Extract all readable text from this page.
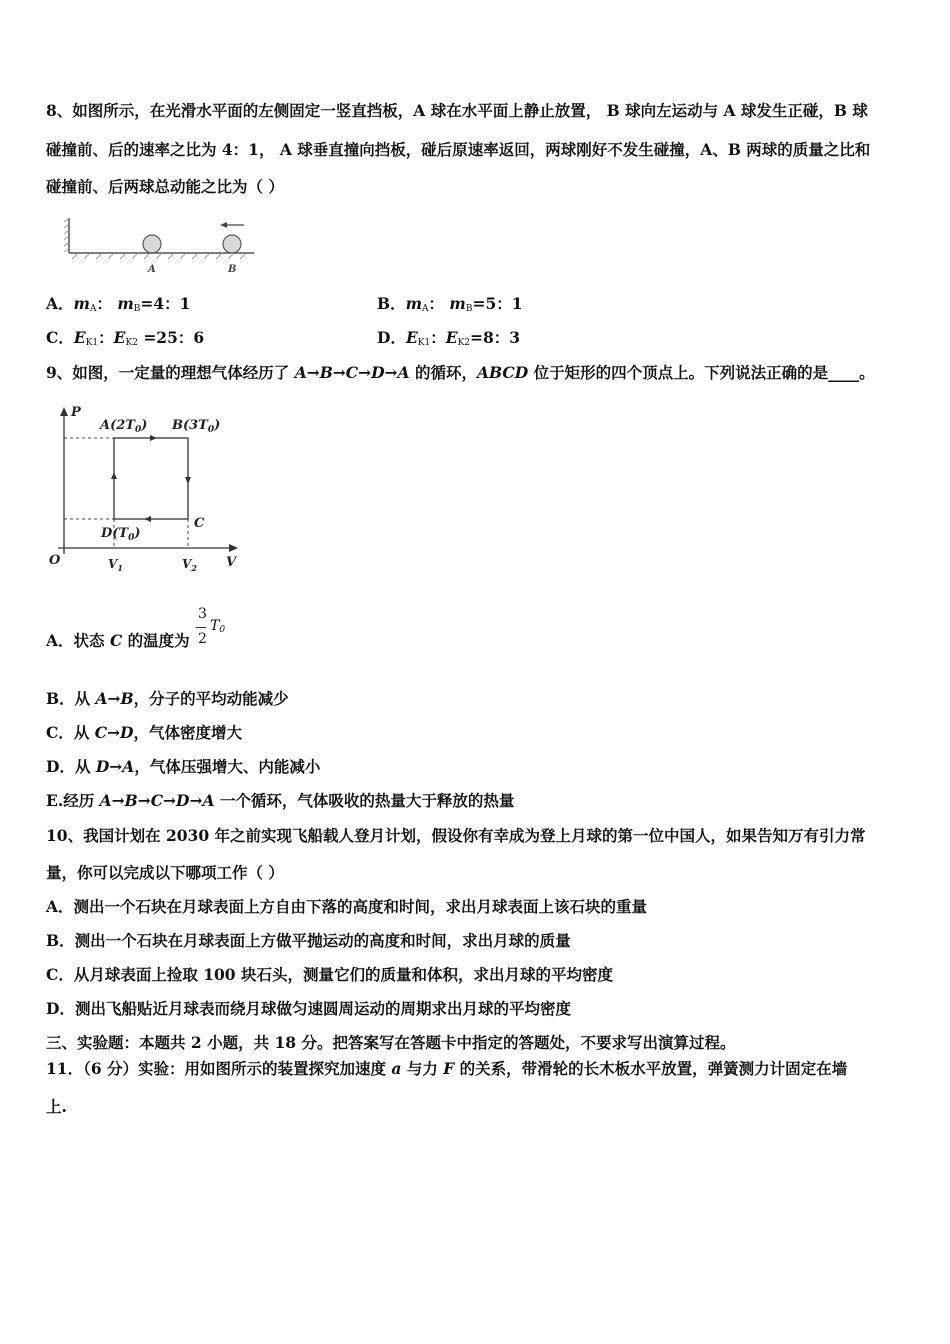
8、如图所示，在光滑水平面的左侧固定一竖直挡板，A 球在水平面上静止放置， B 球向左运动与 A 球发生正碰，B 球
碰撞前、后的速率之比为 4：1， A 球垂直撞向挡板，碰后原速率返回，两球刚好不发生碰撞，A、B 两球的质量之比和
碰撞前、后两球总动能之比为（ ）
A	B
A．$m_A$： $m_B=4$：1	B．$m_A$： $m_B=5$：1
C．$E_{K1}$：$E_{K2} =25$：6	D．$E_{K1}$：$E_{K2}=8$：3
9、如图，一定量的理想气体经历了 A→B→C→D→A 的循环，ABCD 位于矩形的四个顶点上。下列说法正确的是____。
P
V
O
$A(2T_0)$ $B(3T_0)$
C
$D(T_0)$
$V_1$	$V_2$
A．状态 C 的温度为
3
2
$T_0$
B．从 A→B，分子的平均动能减少
C．从 C→D，气体密度增大
D．从 D→A，气体压强增大、内能减小
E.经历 A→B→C→D→A 一个循环，气体吸收的热量大于释放的热量
10、我国计划在 2030 年之前实现飞船载人登月计划，假设你有幸成为登上月球的第一位中国人，如果告知万有引力常
量，你可以完成以下哪项工作（ ）
A．测出一个石块在月球表面上方自由下落的高度和时间，求出月球表面上该石块的重量
B．测出一个石块在月球表面上方做平抛运动的高度和时间，求出月球的质量
C．从月球表面上捡取 100 块石头，测量它们的质量和体积，求出月球的平均密度
D．测出飞船贴近月球表而绕月球做匀速圆周运动的周期求出月球的平均密度
三、实验题：本题共 2 小题，共 18 分。把答案写在答题卡中指定的答题处，不要求写出演算过程。
11．（6 分）实验：用如图所示的装置探究加速度 a 与力 F 的关系，带滑轮的长木板水平放置，弹簧测力计固定在墙
上.
